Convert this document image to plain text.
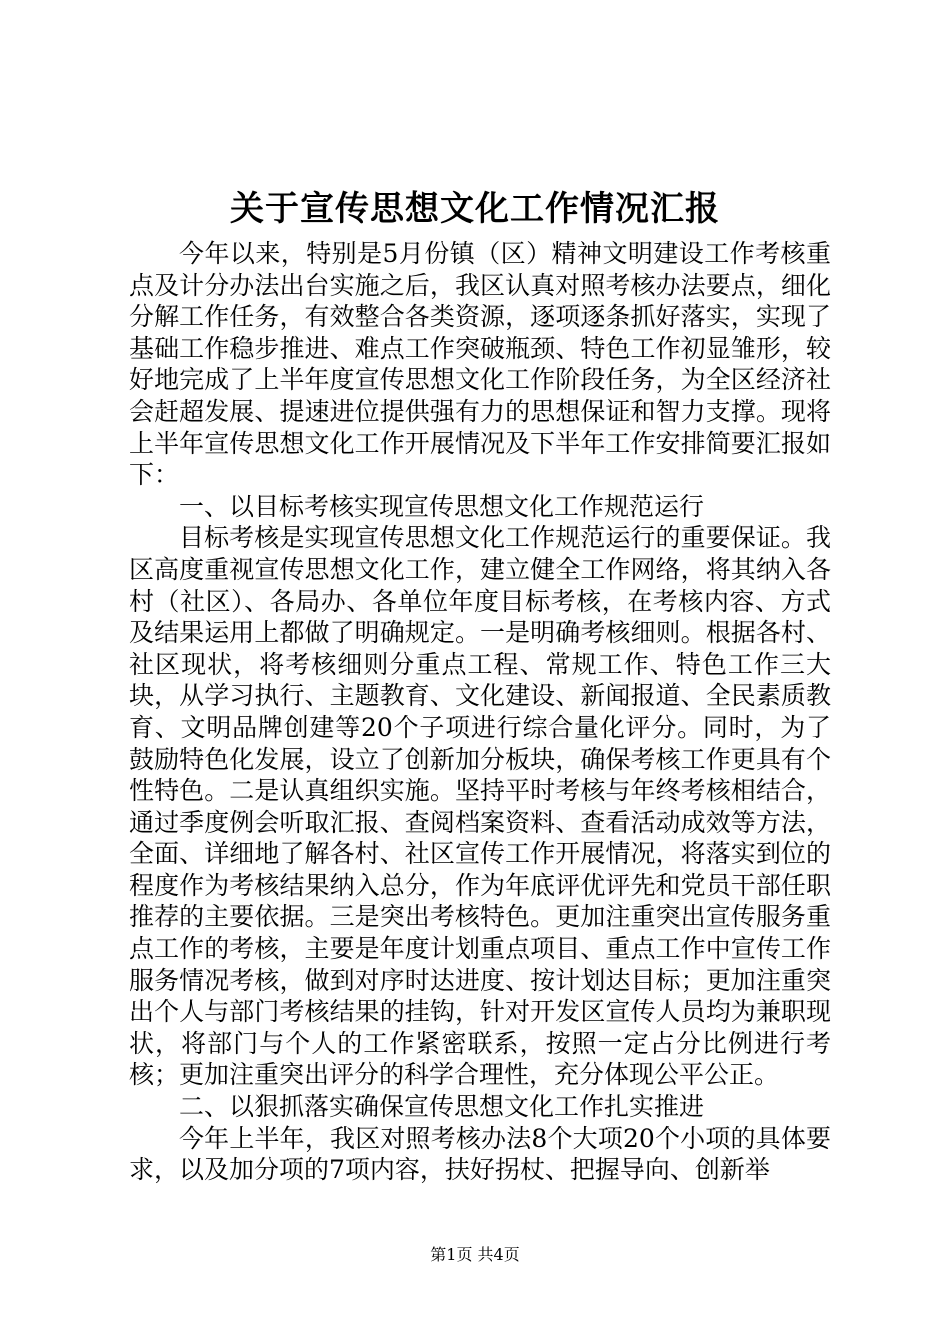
关于宣传思想文化工作情况汇报

今年以来，特别是5月份镇（区）精神文明建设工作考核重点及计分办法出台实施之后，我区认真对照考核办法要点，细化分解工作任务，有效整合各类资源，逐项逐条抓好落实，实现了基础工作稳步推进、难点工作突破瓶颈、特色工作初显雏形，较好地完成了上半年度宣传思想文化工作阶段任务，为全区经济社会赶超发展、提速进位提供强有力的思想保证和智力支撑。现将上半年宣传思想文化工作开展情况及下半年工作安排简要汇报如下：

一、以目标考核实现宣传思想文化工作规范运行

目标考核是实现宣传思想文化工作规范运行的重要保证。我区高度重视宣传思想文化工作，建立健全工作网络，将其纳入各村（社区）、各局办、各单位年度目标考核，在考核内容、方式及结果运用上都做了明确规定。一是明确考核细则。根据各村、社区现状，将考核细则分重点工程、常规工作、特色工作三大块，从学习执行、主题教育、文化建设、新闻报道、全民素质教育、文明品牌创建等20个子项进行综合量化评分。同时，为了鼓励特色化发展，设立了创新加分板块，确保考核工作更具有个性特色。二是认真组织实施。坚持平时考核与年终考核相结合，通过季度例会听取汇报、查阅档案资料、查看活动成效等方法，全面、详细地了解各村、社区宣传工作开展情况，将落实到位的程度作为考核结果纳入总分，作为年底评优评先和党员干部任职推荐的主要依据。三是突出考核特色。更加注重突出宣传服务重点工作的考核，主要是年度计划重点项目、重点工作中宣传工作服务情况考核，做到对序时达进度、按计划达目标；更加注重突出个人与部门考核结果的挂钩，针对开发区宣传人员均为兼职现状，将部门与个人的工作紧密联系，按照一定占分比例进行考核；更加注重突出评分的科学合理性，充分体现公平公正。

二、以狠抓落实确保宣传思想文化工作扎实推进

今年上半年，我区对照考核办法8个大项20个小项的具体要求，以及加分项的7项内容，扶好拐杖、把握导向、创新举

第1页 共4页
